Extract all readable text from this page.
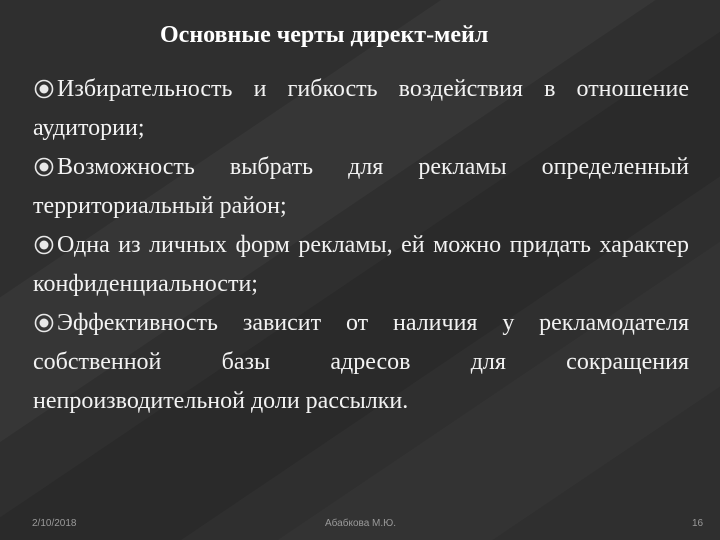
Основные черты директ-мейл

Избирательность и гибкость воздействия в отношение аудитории;

Возможность выбрать для рекламы определенный территориальный район;

Одна из личных форм рекламы, ей можно придать характер конфиденциальности;

Эффективность зависит от наличия у рекламодателя собственной базы адресов для сокращения непроизводительной доли рассылки.

2/10/2018	Абабкова М.Ю.	16
